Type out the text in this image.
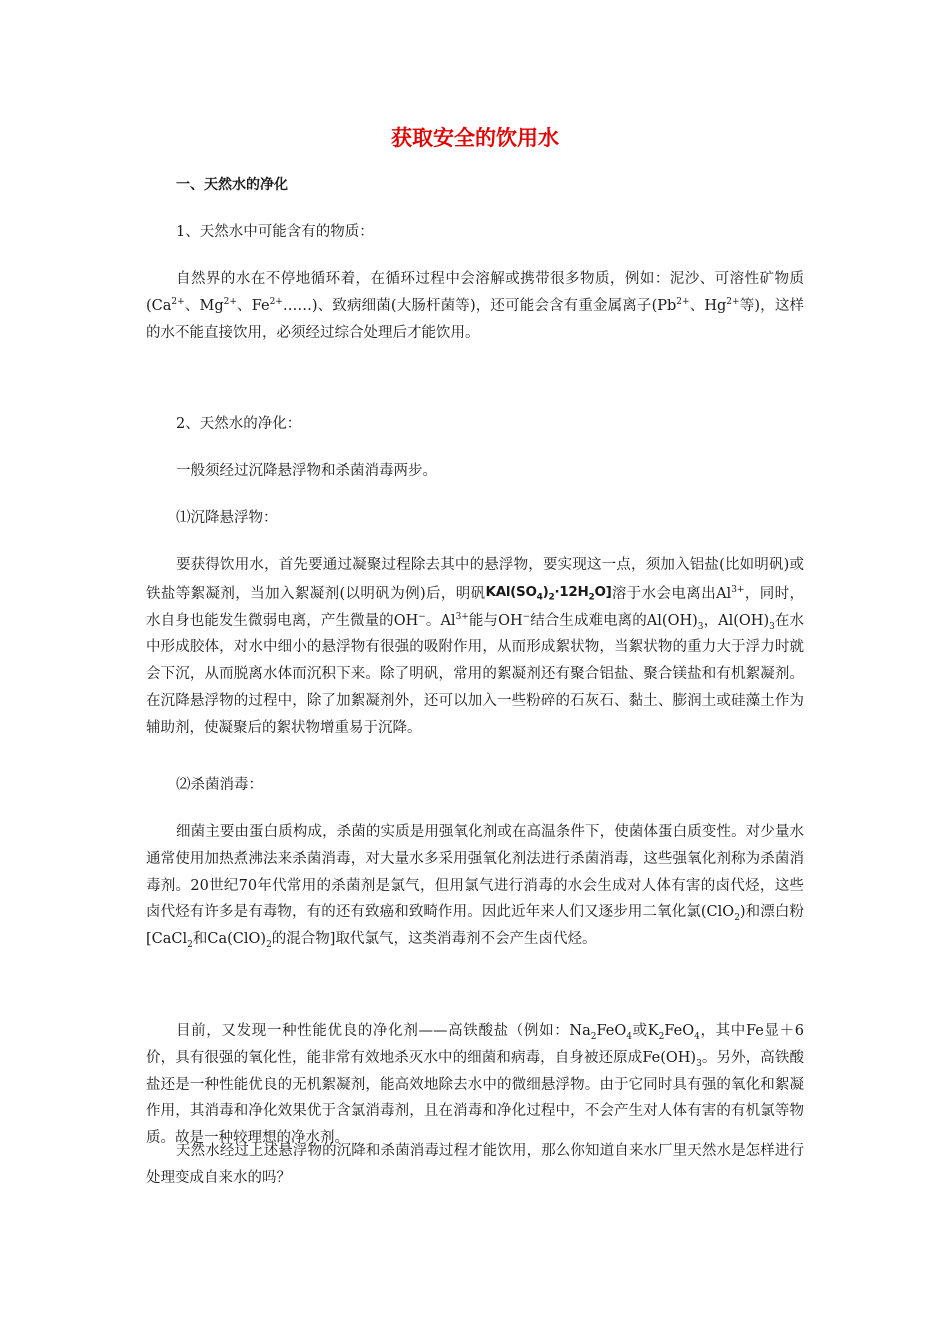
获取安全的饮用水
一、天然水的净化

1、天然水中可能含有的物质：

自然界的水在不停地循环着，在循环过程中会溶解或携带很多物质，例如：泥沙、可溶性矿物质($Ca^{2+}$、$Mg^{2+}$、$Fe^{2+}\dots\dots$)、致病细菌(大肠杆菌等)，还可能会含有重金属离子($Pb^{2+}$、$Hg^{2+}$等)，这样的水不能直接饮用，必须经过综合处理后才能饮用。

2、天然水的净化：

一般须经过沉降悬浮物和杀菌消毒两步。

⑴沉降悬浮物：

要获得饮用水，首先要通过凝聚过程除去其中的悬浮物，要实现这一点，须加入铝盐(比如明矾)或铁盐等絮凝剂，当加入絮凝剂(以明矾为例)后，明矾$KAl(SO_4)_2\cdot 12H_2O$]溶于水会电离出$Al^{3+}$，同时，水自身也能发生微弱电离，产生微量的OH−。$Al^{3+}$能与OH−结合生成难电离的$Al(OH)_3$，$Al(OH)_3$在水中形成胶体，对水中细小的悬浮物有很强的吸附作用，从而形成絮状物，当絮状物的重力大于浮力时就会下沉，从而脱离水体而沉积下来。除了明矾，常用的絮凝剂还有聚合铝盐、聚合镁盐和有机絮凝剂。在沉降悬浮物的过程中，除了加絮凝剂外，还可以加入一些粉碎的石灰石、黏土、膨润土或硅藻土作为辅助剂，使凝聚后的絮状物增重易于沉降。

⑵杀菌消毒：

细菌主要由蛋白质构成，杀菌的实质是用强氧化剂或在高温条件下，使菌体蛋白质变性。对少量水通常使用加热煮沸法来杀菌消毒，对大量水多采用强氧化剂法进行杀菌消毒，这些强氧化剂称为杀菌消毒剂。20世纪70年代常用的杀菌剂是氯气，但用氯气进行消毒的水会生成对人体有害的卤代烃，这些卤代烃有许多是有毒物，有的还有致癌和致畸作用。因此近年来人们又逐步用二氧化氯(ClO$_2$)和漂白粉[CaCl$_2$和$Ca(ClO)_2$的混合物]取代氯气，这类消毒剂不会产生卤代烃。

目前，又发现一种性能优良的净化剂——高铁酸盐（例如：$Na_2FeO_4$或$K_2FeO_4$，其中Fe显＋6价，具有很强的氧化性，能非常有效地杀灭水中的细菌和病毒，自身被还原成$Fe(OH)_3$。另外，高铁酸盐还是一种性能优良的无机絮凝剂，能高效地除去水中的微细悬浮物。由于它同时具有强的氧化和絮凝作用，其消毒和净化效果优于含氯消毒剂，且在消毒和净化过程中，不会产生对人体有害的有机氯等物质。故是一种较理想的净水剂。

天然水经过上述悬浮物的沉降和杀菌消毒过程才能饮用，那么你知道自来水厂里天然水是怎样进行处理变成自来水的吗？
